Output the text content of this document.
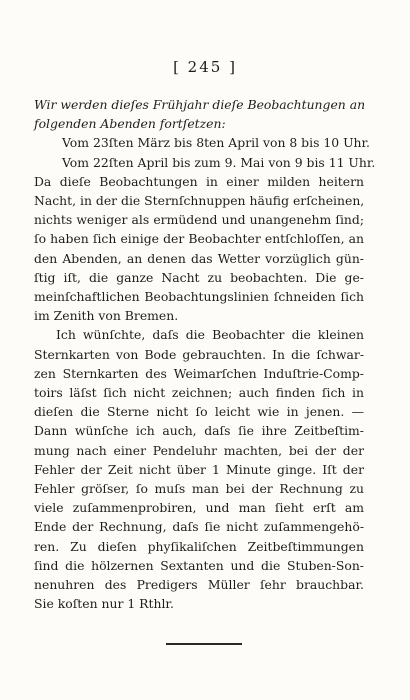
[ 245 ]
Wir werden dieſes Frühjahr dieſe Beobachtungen an
folgenden Abenden fortſetzen:
Vom 23ſten März bis 8ten April von 8 bis 10 Uhr.
Vom 22ſten April bis zum 9. Mai von 9 bis 11 Uhr.
Da dieſe Beobachtungen in einer milden heitern
Nacht, in der die Sternſchnuppen häufig erſcheinen,
nichts weniger als ermüdend und unangenehm ſind;
ſo haben ſich einige der Beobachter entſchloſſen, an
den Abenden, an denen das Wetter vorzüglich gün-
ſtig iſt, die ganze Nacht zu beobachten. Die ge-
meinſchaftlichen Beobachtungslinien ſchneiden ſich
im Zenith von Bremen.
Ich wünſchte, daſs die Beobachter die kleinen
Sternkarten von Bode gebrauchten. In die ſchwar-
zen Sternkarten des Weimarſchen Induſtrie-Comp-
toirs läſst ſich nicht zeichnen; auch finden ſich in
dieſen die Sterne nicht ſo leicht wie in jenen. —
Dann wünſche ich auch, daſs ſie ihre Zeitbeſtim-
mung nach einer Pendeluhr machten, bei der der
Fehler der Zeit nicht über 1 Minute ginge. Iſt der
Fehler gröſser, ſo muſs man bei der Rechnung zu
viele zuſammenprobiren, und man ſieht erſt am
Ende der Rechnung, daſs ſie nicht zuſammengehö-
ren. Zu dieſen phyſikaliſchen Zeitbeſtimmungen
ſind die hölzernen Sextanten und die Stuben-Son-
nenuhren des Predigers Müller ſehr brauchbar.
Sie koſten nur 1 Rthlr.
